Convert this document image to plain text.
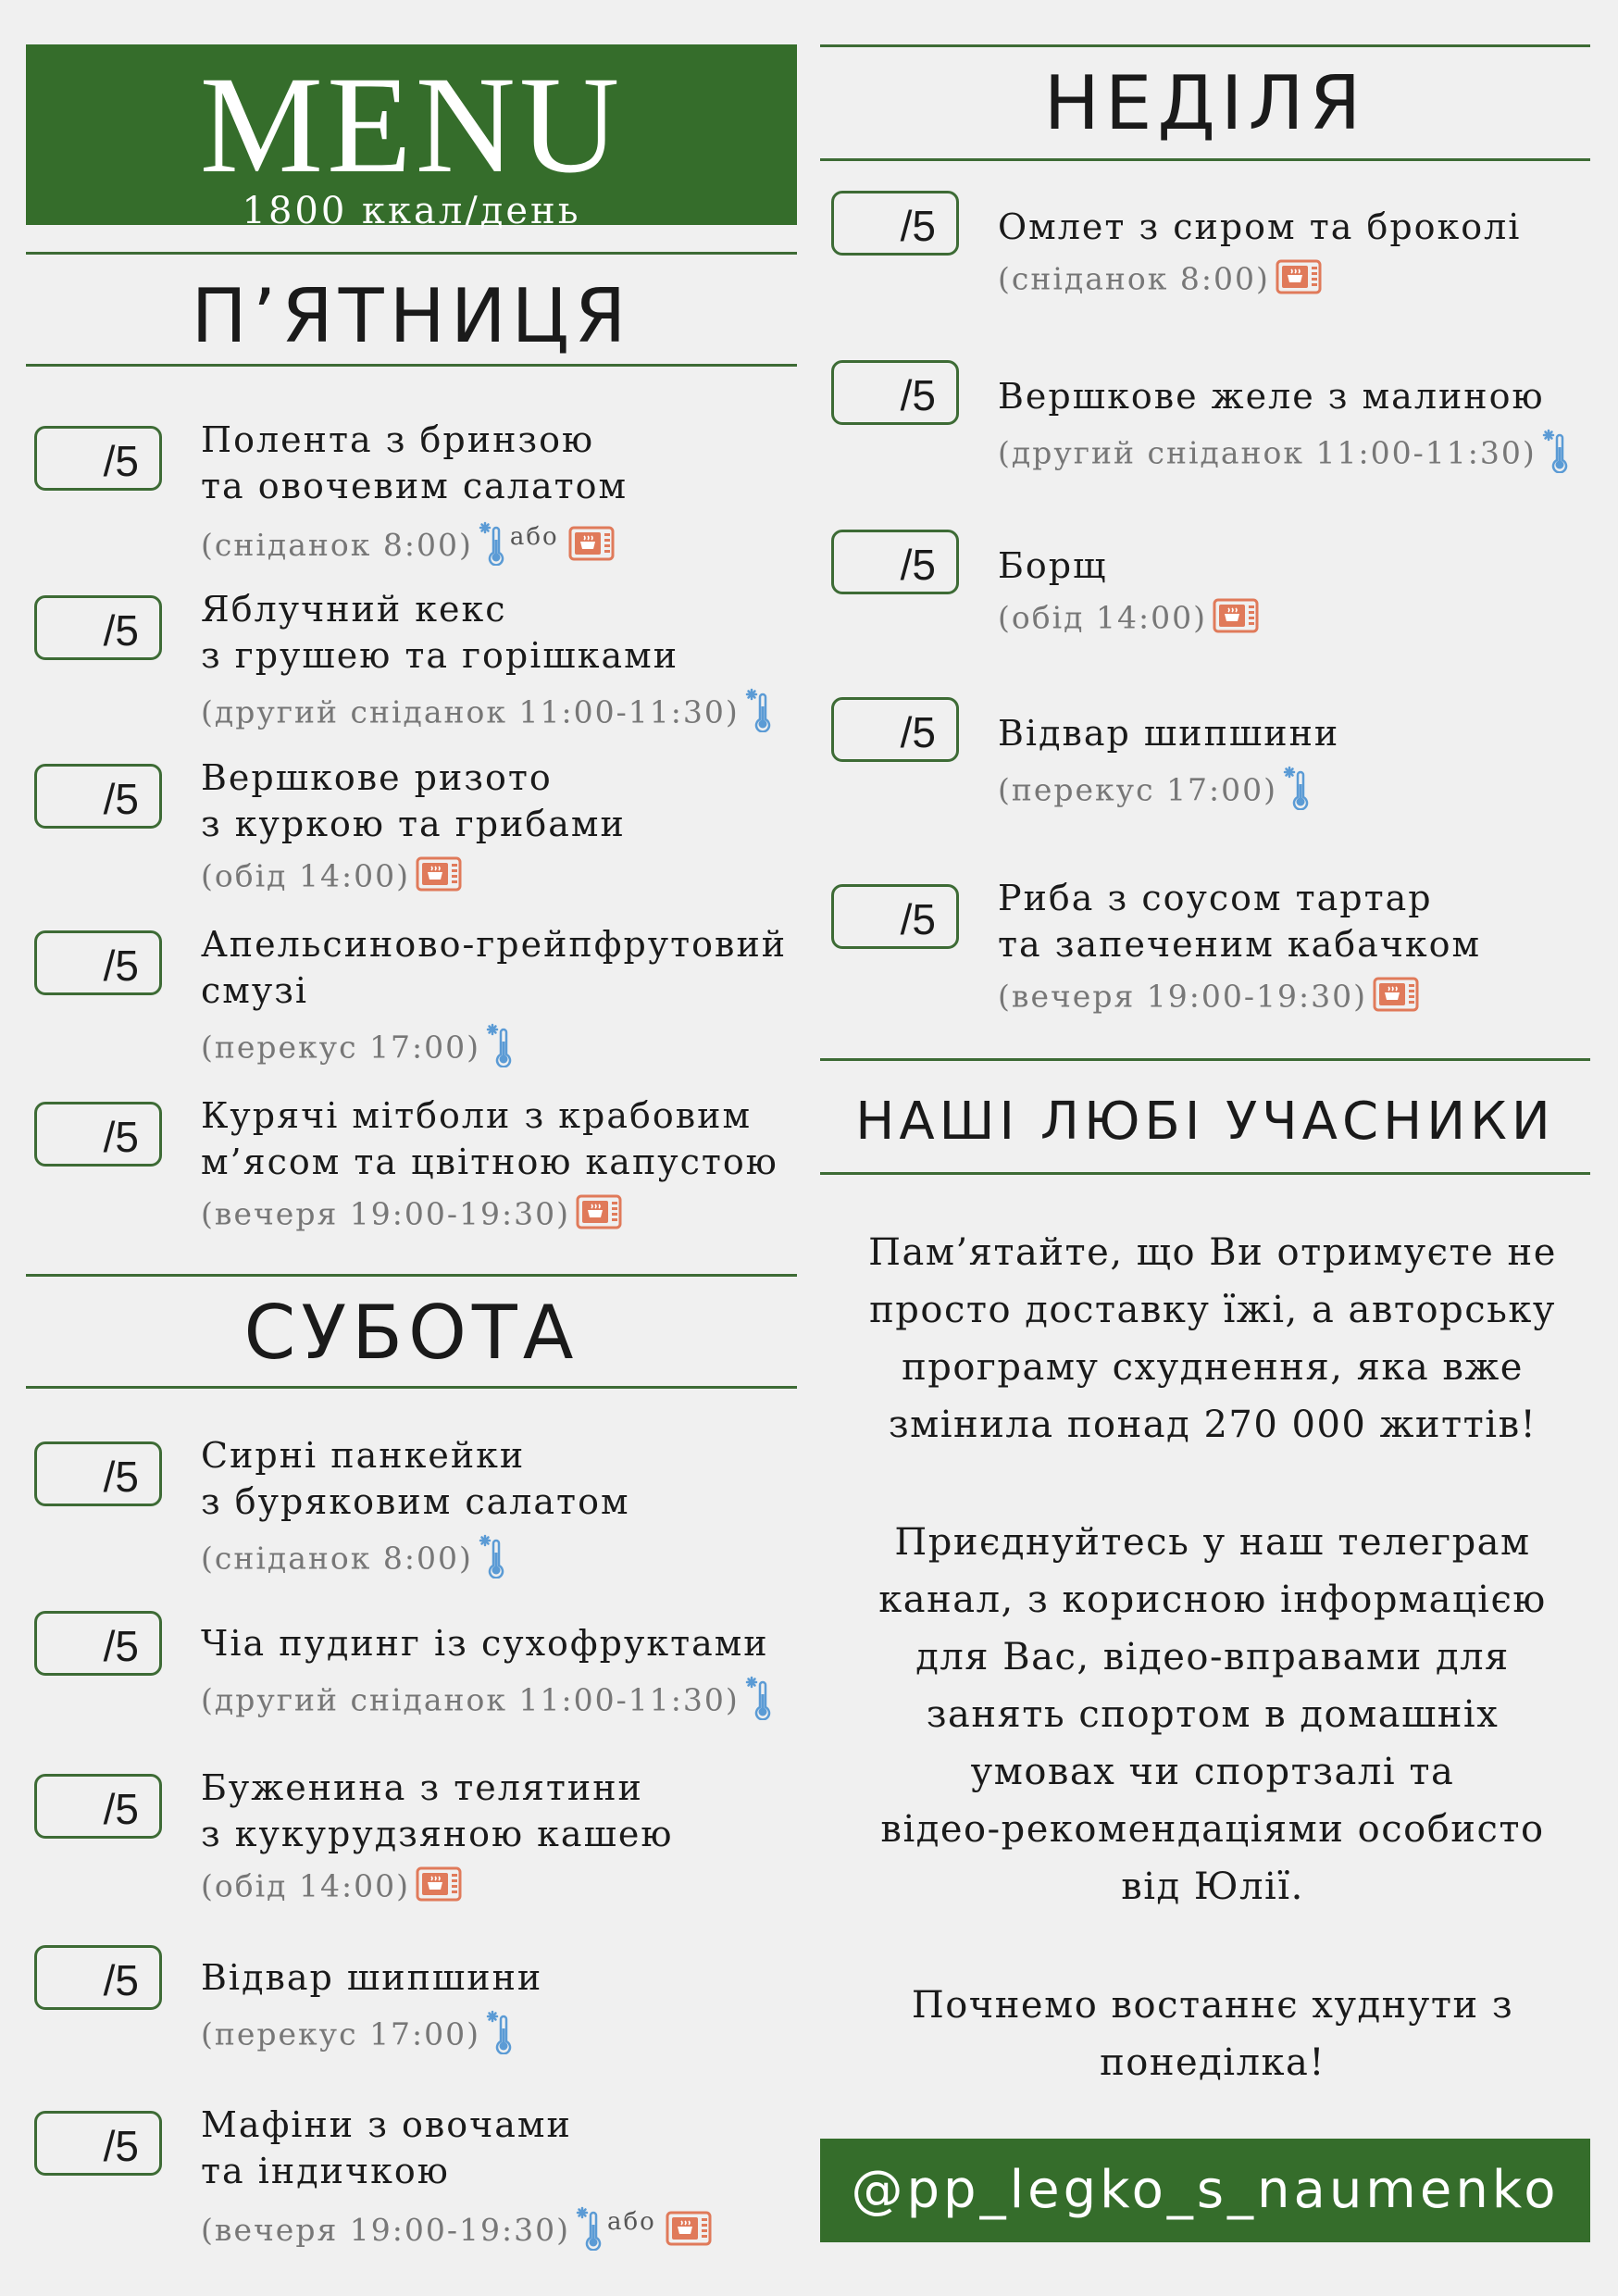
MENU
1800 ккал/день
П’ЯТНИЦЯ
/5	Полента з бринзою
та овочевим салатом
(сніданок 8:00) $^{або}$
/5	Яблучний кекс
з грушею та горішками
(другий сніданок 11:00-11:30)
/5	Вершкове ризото
з куркою та грибами
(обід 14:00)
/5	Апельсиново-грейпфрутовий
смузі
(перекус 17:00)
/5	Курячі мітболи з крабовим
м’ясом та цвітною капустою
(вечеря 19:00-19:30)
СУБОТА
/5	Сирні панкейки
з буряковим салатом
(сніданок 8:00)
/5	Чіа пудинг із сухофруктами
(другий сніданок 11:00-11:30)
/5	Буженина з телятини
з кукурудзяною кашею
(обід 14:00)
/5	Відвар шипшини
(перекус 17:00)
/5	Мафіни з овочами
та індичкою
(вечеря 19:00-19:30) $^{або}$
НЕДІЛЯ
/5	Омлет з сиром та броколі
(сніданок 8:00)
/5	Вершкове желе з малиною
(другий сніданок 11:00-11:30)
/5	Борщ
(обід 14:00)
/5	Відвар шипшини
(перекус 17:00)
/5	Риба з соусом тартар
та запеченим кабачком
(вечеря 19:00-19:30)
НАШІ ЛЮБІ УЧАСНИКИ
Пам’ятайте, що Ви отримуєте не
просто доставку їжі, а авторську
програму схуднення, яка вже
змінила понад 270 000 життів!
Приєднуйтесь у наш телеграм
канал, з корисною інформацією
для Вас, відео-вправами для
занять спортом в домашніх
умовах чи спортзалі та
відео-рекомендаціями особисто
від Юлії.
Почнемо востаннє худнути з
понеділка!
@pp_legko_s_naumenko
